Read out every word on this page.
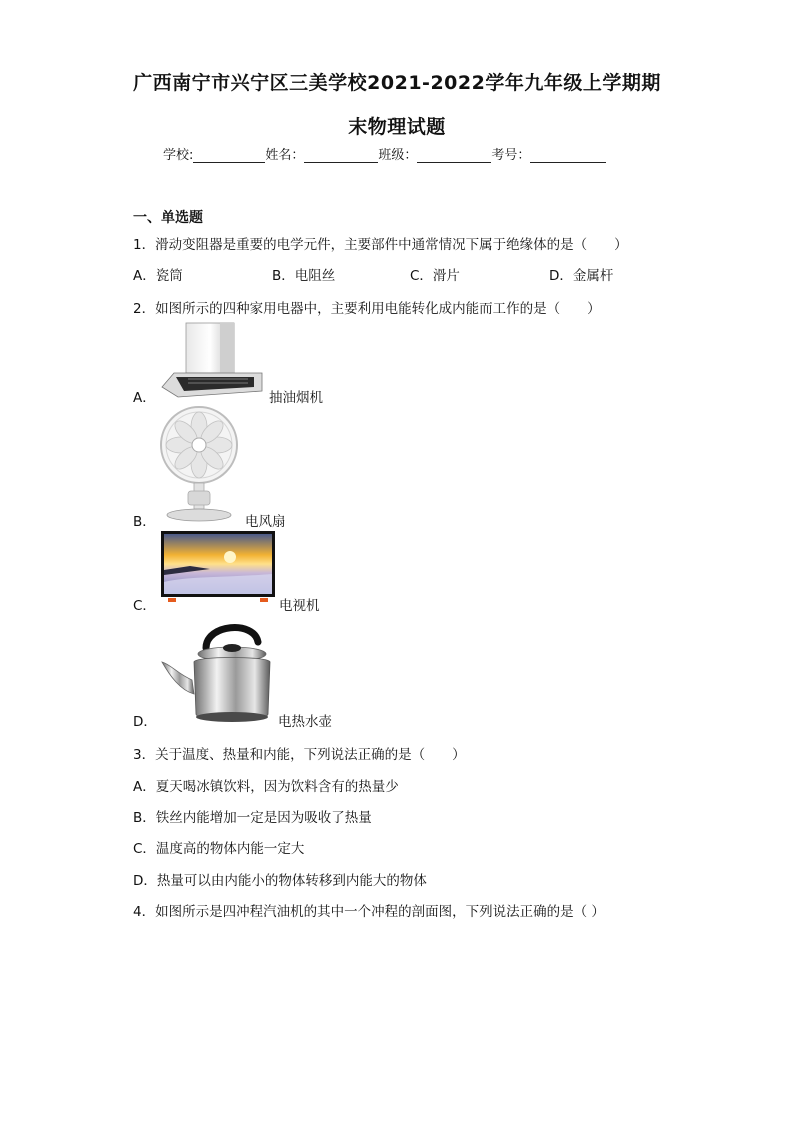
广西南宁市兴宁区三美学校2021-2022学年九年级上学期期
末物理试题
学校:	姓名：	班级：	考号：
一、单选题
1．滑动变阻器是重要的电学元件，主要部件中通常情况下属于绝缘体的是（　　）
A．瓷筒	B．电阻丝	C．滑片	D．金属杆
2．如图所示的四种家用电器中，主要利用电能转化成内能而工作的是（　　）
A．	抽油烟机
B．	电风扇
C．	电视机
D．	电热水壶
3．关于温度、热量和内能，下列说法正确的是（　　）
A．夏天喝冰镇饮料，因为饮料含有的热量少
B．铁丝内能增加一定是因为吸收了热量
C．温度高的物体内能一定大
D．热量可以由内能小的物体转移到内能大的物体
4．如图所示是四冲程汽油机的其中一个冲程的剖面图，下列说法正确的是（ ）
